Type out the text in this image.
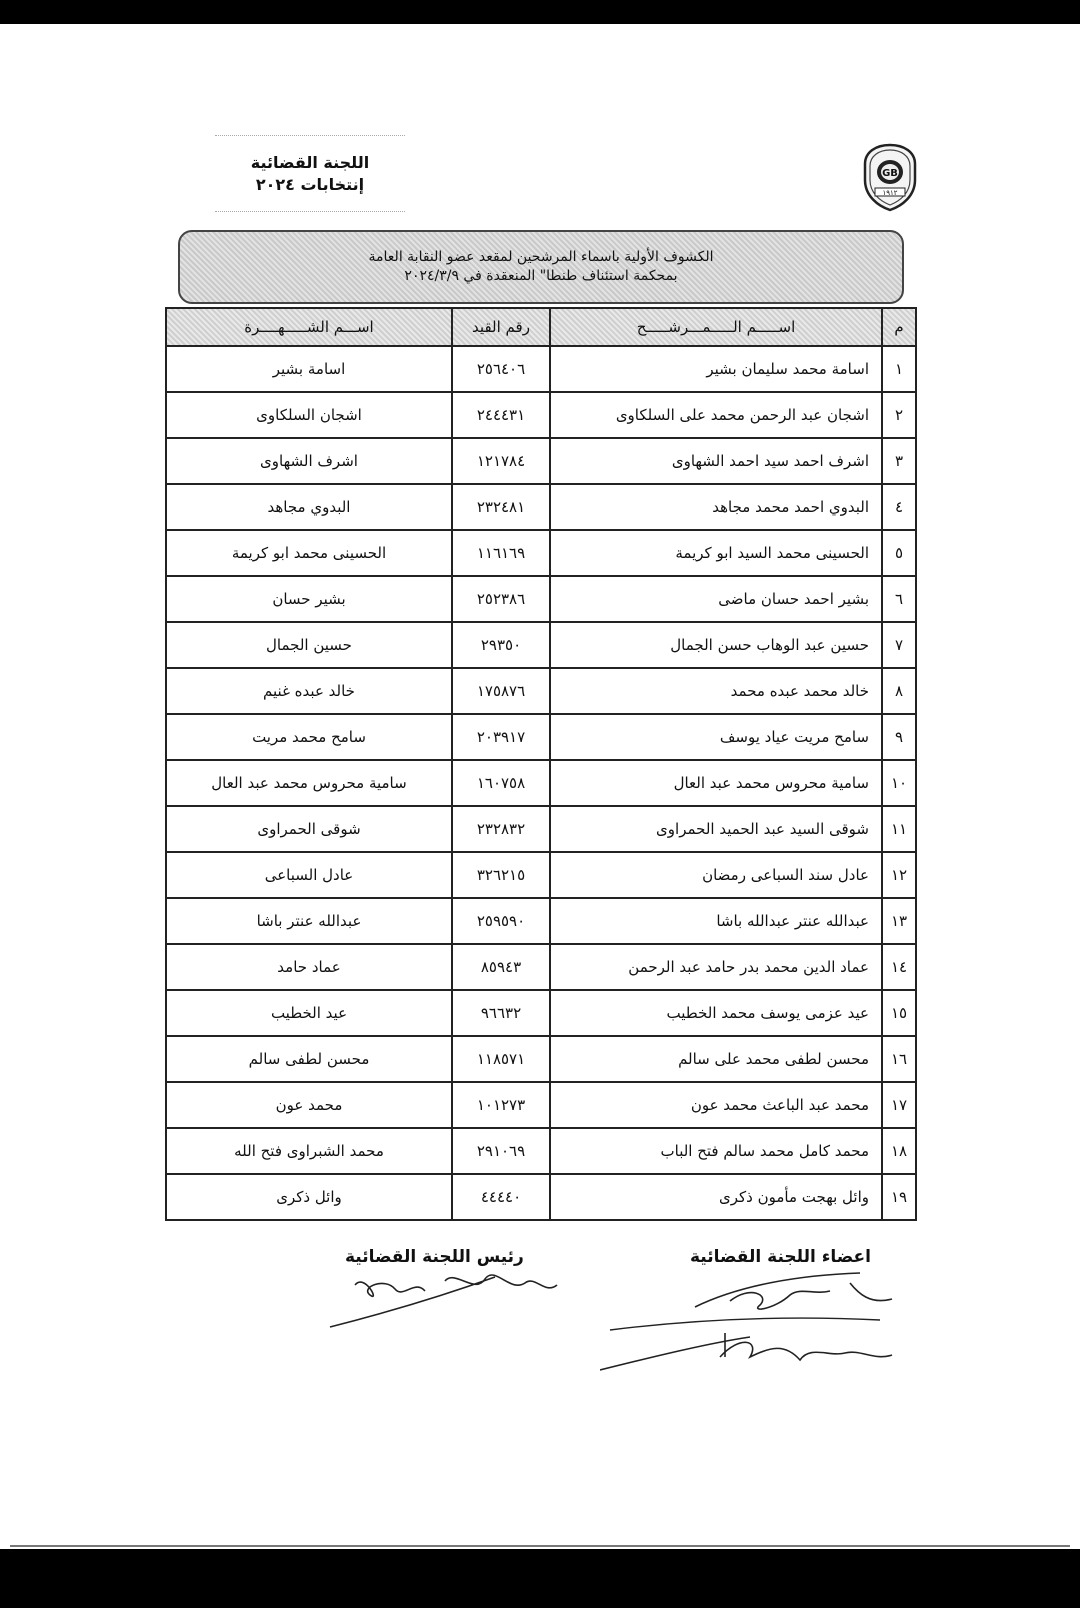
اللجنة القضائية
إنتخابات ٢٠٢٤
GB
١٩١٢
الكشوف الأولية باسماء المرشحين لمقعد عضو النقابة العامة
بمحكمة استئناف طنطا" المنعقدة في ٢٠٢٤/٣/٩
م	اســـــم الـــــمـــرشـــــح	رقم القيد	اســـم الشـــــهــــرة
١	اسامة محمد سليمان بشير	٢٥٦٤٠٦	اسامة بشير
٢	اشجان عبد الرحمن محمد على السلكاوى	٢٤٤٤٣١	اشجان السلكاوى
٣	اشرف احمد سيد احمد الشهاوى	١٢١٧٨٤	اشرف الشهاوى
٤	البدوي احمد محمد مجاهد	٢٣٢٤٨١	البدوي مجاهد
٥	الحسينى محمد السيد ابو كريمة	١١٦١٦٩	الحسينى محمد ابو كريمة
٦	بشير احمد حسان ماضى	٢٥٢٣٨٦	بشير حسان
٧	حسين عبد الوهاب حسن الجمال	٢٩٣٥٠	حسين الجمال
٨	خالد محمد عبده محمد	١٧٥٨٧٦	خالد عبده غنيم
٩	سامح مريت عياد يوسف	٢٠٣٩١٧	سامح محمد مريت
١٠	سامية محروس محمد عبد العال	١٦٠٧٥٨	سامية محروس محمد عبد العال
١١	شوقى السيد عبد الحميد الحمراوى	٢٣٢٨٣٢	شوقى الحمراوى
١٢	عادل سند السباعى رمضان	٣٢٦٢١٥	عادل السباعى
١٣	عبدالله عنتر عبدالله باشا	٢٥٩٥٩٠	عبدالله عنتر باشا
١٤	عماد الدين محمد بدر حامد عبد الرحمن	٨٥٩٤٣	عماد حامد
١٥	عيد عزمى يوسف محمد الخطيب	٩٦٦٣٢	عيد الخطيب
١٦	محسن لطفى محمد على سالم	١١٨٥٧١	محسن لطفى سالم
١٧	محمد عبد الباعث محمد عون	١٠١٢٧٣	محمد عون
١٨	محمد كامل محمد سالم فتح الباب	٢٩١٠٦٩	محمد الشبراوى فتح الله
١٩	وائل بهجت مأمون ذكرى	٤٤٤٤٠	وائل ذكرى
رئيس اللجنة القضائية	اعضاء اللجنة القضائية
